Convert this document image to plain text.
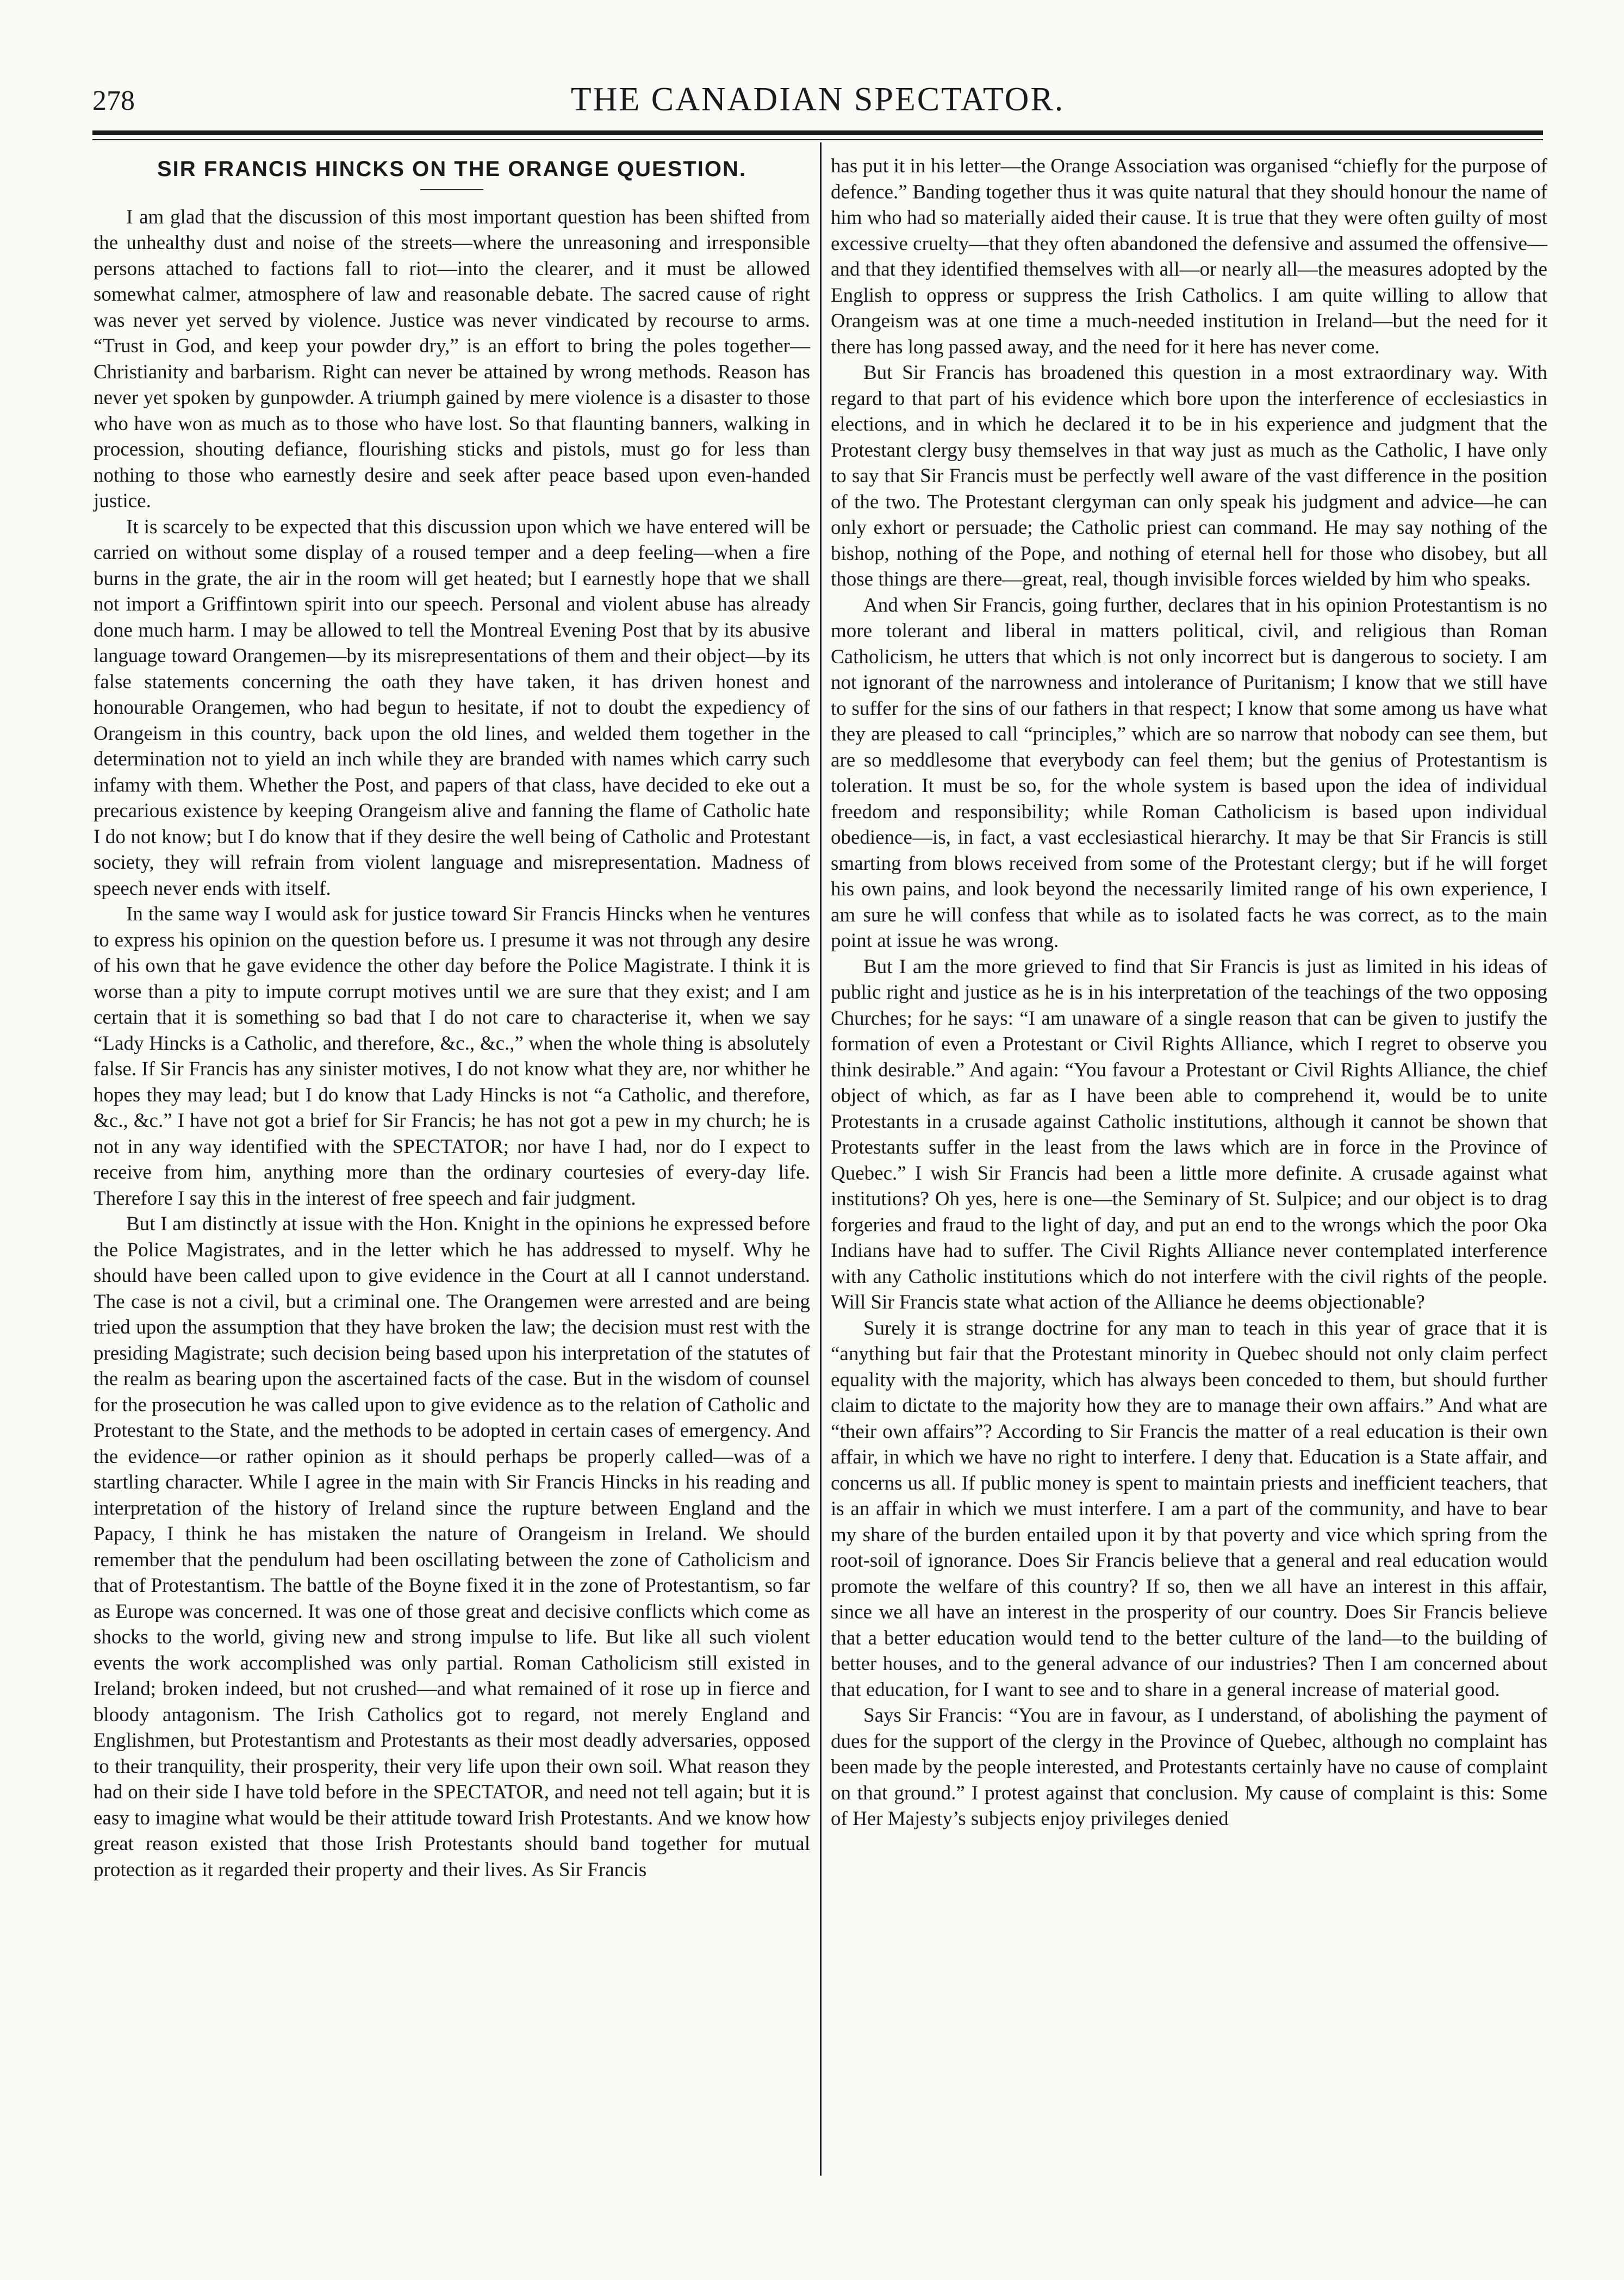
278	THE CANADIAN SPECTATOR.
SIR FRANCIS HINCKS ON THE ORANGE QUESTION.

I am glad that the discussion of this most important question has been shifted from the unhealthy dust and noise of the streets—where the unreasoning and irresponsible persons attached to factions fall to riot—into the clearer, and it must be allowed somewhat calmer, atmosphere of law and reasonable debate. The sacred cause of right was never yet served by violence. Justice was never vindicated by recourse to arms. “Trust in God, and keep your powder dry,” is an effort to bring the poles together—Christianity and barbarism. Right can never be attained by wrong methods. Reason has never yet spoken by gunpowder. A triumph gained by mere violence is a disaster to those who have won as much as to those who have lost. So that flaunting banners, walking in procession, shouting defiance, flourishing sticks and pistols, must go for less than nothing to those who earnestly desire and seek after peace based upon even-handed justice.

It is scarcely to be expected that this discussion upon which we have entered will be carried on without some display of a roused temper and a deep feeling—when a fire burns in the grate, the air in the room will get heated; but I earnestly hope that we shall not import a Griffintown spirit into our speech. Personal and violent abuse has already done much harm. I may be allowed to tell the Montreal Evening Post that by its abusive language toward Orangemen—by its misrepresentations of them and their object—by its false statements concerning the oath they have taken, it has driven honest and honourable Orangemen, who had begun to hesitate, if not to doubt the expediency of Orangeism in this country, back upon the old lines, and welded them together in the determination not to yield an inch while they are branded with names which carry such infamy with them. Whether the Post, and papers of that class, have decided to eke out a precarious existence by keeping Orangeism alive and fanning the flame of Catholic hate I do not know; but I do know that if they desire the well being of Catholic and Protestant society, they will refrain from violent language and misrepresentation. Madness of speech never ends with itself.

In the same way I would ask for justice toward Sir Francis Hincks when he ventures to express his opinion on the question before us. I presume it was not through any desire of his own that he gave evidence the other day before the Police Magistrate. I think it is worse than a pity to impute corrupt motives until we are sure that they exist; and I am certain that it is something so bad that I do not care to characterise it, when we say “Lady Hincks is a Catholic, and therefore, &c., &c.,” when the whole thing is absolutely false. If Sir Francis has any sinister motives, I do not know what they are, nor whither he hopes they may lead; but I do know that Lady Hincks is not “a Catholic, and therefore, &c., &c.” I have not got a brief for Sir Francis; he has not got a pew in my church; he is not in any way identified with the SPECTATOR; nor have I had, nor do I expect to receive from him, anything more than the ordinary courtesies of every-day life. Therefore I say this in the interest of free speech and fair judgment.

But I am distinctly at issue with the Hon. Knight in the opinions he expressed before the Police Magistrates, and in the letter which he has addressed to myself. Why he should have been called upon to give evidence in the Court at all I cannot understand. The case is not a civil, but a criminal one. The Orangemen were arrested and are being tried upon the assumption that they have broken the law; the decision must rest with the presiding Magistrate; such decision being based upon his interpretation of the statutes of the realm as bearing upon the ascertained facts of the case. But in the wisdom of counsel for the prosecution he was called upon to give evidence as to the relation of Catholic and Protestant to the State, and the methods to be adopted in certain cases of emergency. And the evidence—or rather opinion as it should perhaps be properly called—was of a startling character. While I agree in the main with Sir Francis Hincks in his reading and interpretation of the history of Ireland since the rupture between England and the Papacy, I think he has mistaken the nature of Orangeism in Ireland. We should remember that the pendulum had been oscillating between the zone of Catholicism and that of Protestantism. The battle of the Boyne fixed it in the zone of Protestantism, so far as Europe was concerned. It was one of those great and decisive conflicts which come as shocks to the world, giving new and strong impulse to life. But like all such violent events the work accomplished was only partial. Roman Catholicism still existed in Ireland; broken indeed, but not crushed—and what remained of it rose up in fierce and bloody antagonism. The Irish Catholics got to regard, not merely England and Englishmen, but Protestantism and Protestants as their most deadly adversaries, opposed to their tranquility, their prosperity, their very life upon their own soil. What reason they had on their side I have told before in the SPECTATOR, and need not tell again; but it is easy to imagine what would be their attitude toward Irish Protestants. And we know how great reason existed that those Irish Protestants should band together for mutual protection as it regarded their property and their lives. As Sir Francis

has put it in his letter—the Orange Association was organised “chiefly for the purpose of defence.” Banding together thus it was quite natural that they should honour the name of him who had so materially aided their cause. It is true that they were often guilty of most excessive cruelty—that they often abandoned the defensive and assumed the offensive—and that they identified themselves with all—or nearly all—the measures adopted by the English to oppress or suppress the Irish Catholics. I am quite willing to allow that Orangeism was at one time a much-needed institution in Ireland—but the need for it there has long passed away, and the need for it here has never come.

But Sir Francis has broadened this question in a most extraordinary way. With regard to that part of his evidence which bore upon the interference of ecclesiastics in elections, and in which he declared it to be in his experience and judgment that the Protestant clergy busy themselves in that way just as much as the Catholic, I have only to say that Sir Francis must be perfectly well aware of the vast difference in the position of the two. The Protestant clergyman can only speak his judgment and advice—he can only exhort or persuade; the Catholic priest can command. He may say nothing of the bishop, nothing of the Pope, and nothing of eternal hell for those who disobey, but all those things are there—great, real, though invisible forces wielded by him who speaks.

And when Sir Francis, going further, declares that in his opinion Protestantism is no more tolerant and liberal in matters political, civil, and religious than Roman Catholicism, he utters that which is not only incorrect but is dangerous to society. I am not ignorant of the narrowness and intolerance of Puritanism; I know that we still have to suffer for the sins of our fathers in that respect; I know that some among us have what they are pleased to call “principles,” which are so narrow that nobody can see them, but are so meddlesome that everybody can feel them; but the genius of Protestantism is toleration. It must be so, for the whole system is based upon the idea of individual freedom and responsibility; while Roman Catholicism is based upon individual obedience—is, in fact, a vast ecclesiastical hierarchy. It may be that Sir Francis is still smarting from blows received from some of the Protestant clergy; but if he will forget his own pains, and look beyond the necessarily limited range of his own experience, I am sure he will confess that while as to isolated facts he was correct, as to the main point at issue he was wrong.

But I am the more grieved to find that Sir Francis is just as limited in his ideas of public right and justice as he is in his interpretation of the teachings of the two opposing Churches; for he says: “I am unaware of a single reason that can be given to justify the formation of even a Protestant or Civil Rights Alliance, which I regret to observe you think desirable.” And again: “You favour a Protestant or Civil Rights Alliance, the chief object of which, as far as I have been able to comprehend it, would be to unite Protestants in a crusade against Catholic institutions, although it cannot be shown that Protestants suffer in the least from the laws which are in force in the Province of Quebec.” I wish Sir Francis had been a little more definite. A crusade against what institutions? Oh yes, here is one—the Seminary of St. Sulpice; and our object is to drag forgeries and fraud to the light of day, and put an end to the wrongs which the poor Oka Indians have had to suffer. The Civil Rights Alliance never contemplated interference with any Catholic institutions which do not interfere with the civil rights of the people. Will Sir Francis state what action of the Alliance he deems objectionable?

Surely it is strange doctrine for any man to teach in this year of grace that it is “anything but fair that the Protestant minority in Quebec should not only claim perfect equality with the majority, which has always been conceded to them, but should further claim to dictate to the majority how they are to manage their own affairs.” And what are “their own affairs”? According to Sir Francis the matter of a real education is their own affair, in which we have no right to interfere. I deny that. Education is a State affair, and concerns us all. If public money is spent to maintain priests and inefficient teachers, that is an affair in which we must interfere. I am a part of the community, and have to bear my share of the burden entailed upon it by that poverty and vice which spring from the root-soil of ignorance. Does Sir Francis believe that a general and real education would promote the welfare of this country? If so, then we all have an interest in this affair, since we all have an interest in the prosperity of our country. Does Sir Francis believe that a better education would tend to the better culture of the land—to the building of better houses, and to the general advance of our industries? Then I am concerned about that education, for I want to see and to share in a general increase of material good.

Says Sir Francis: “You are in favour, as I understand, of abolishing the payment of dues for the support of the clergy in the Province of Quebec, although no complaint has been made by the people interested, and Protestants certainly have no cause of complaint on that ground.” I protest against that conclusion. My cause of complaint is this: Some of Her Majesty’s subjects enjoy privileges denied
